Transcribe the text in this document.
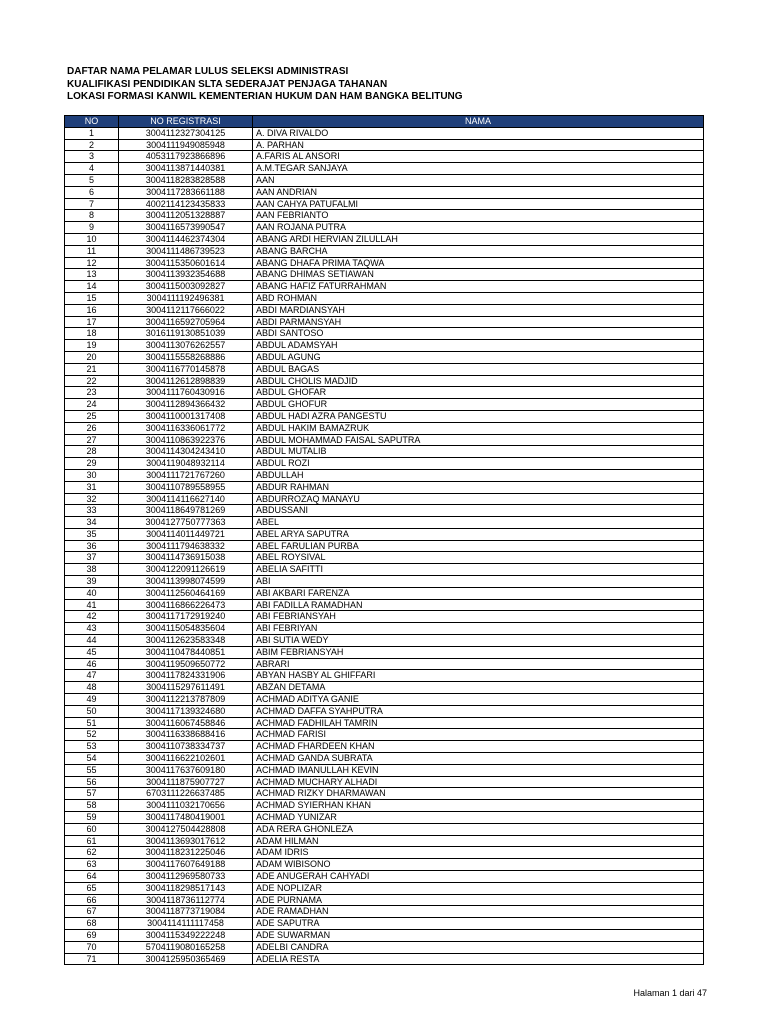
DAFTAR NAMA PELAMAR LULUS SELEKSI ADMINISTRASI
KUALIFIKASI PENDIDIKAN SLTA SEDERAJAT PENJAGA TAHANAN
LOKASI FORMASI KANWIL KEMENTERIAN HUKUM DAN HAM BANGKA BELITUNG
NO	NO REGISTRASI	NAMA
1	3004112327304125	A. DIVA RIVALDO
2	3004111949085948	A. PARHAN
3	4053117923866896	A.FARIS AL ANSORI
4	3004113871440381	A.M.TEGAR SANJAYA
5	3004118283828588	AAN
6	3004117283661188	AAN ANDRIAN
7	4002114123435833	AAN CAHYA PATUFALMI
8	3004112051328887	AAN FEBRIANTO
9	3004116573990547	AAN ROJANA PUTRA
10	3004114462374304	ABANG ARDI HERVIAN ZILULLAH
11	3004111486739523	ABANG BARCHA
12	3004115350601614	ABANG DHAFA PRIMA TAQWA
13	3004113932354688	ABANG DHIMAS SETIAWAN
14	3004115003092827	ABANG HAFIZ FATURRAHMAN
15	3004111192496381	ABD ROHMAN
16	3004112117666022	ABDI MARDIANSYAH
17	3004116592705964	ABDI PARMANSYAH
18	3016119130851039	ABDI SANTOSO
19	3004113076262557	ABDUL ADAMSYAH
20	3004115558268886	ABDUL AGUNG
21	3004116770145878	ABDUL BAGAS
22	3004112612898839	ABDUL CHOLIS MADJID
23	3004111760430916	ABDUL GHOFAR
24	3004112894366432	ABDUL GHOFUR
25	3004110001317408	ABDUL HADI AZRA PANGESTU
26	3004116336061772	ABDUL HAKIM BAMAZRUK
27	3004110863922376	ABDUL MOHAMMAD FAISAL SAPUTRA
28	3004114304243410	ABDUL MUTALIB
29	3004119048932114	ABDUL ROZI
30	3004111721767260	ABDULLAH
31	3004110789558955	ABDUR RAHMAN
32	3004114116627140	ABDURROZAQ MANAYU
33	3004118649781269	ABDUSSANI
34	3004127750777363	ABEL
35	3004114011449721	ABEL ARYA SAPUTRA
36	3004111794638332	ABEL FARULIAN PURBA
37	3004114736915038	ABEL ROYSIVAL
38	3004122091126619	ABELIA SAFITTI
39	3004113998074599	ABI
40	3004112560464169	ABI AKBARI FARENZA
41	3004116866226473	ABI FADILLA RAMADHAN
42	3004117172919240	ABI FEBRIANSYAH
43	3004115054835604	ABI FEBRIYAN
44	3004112623583348	ABI SUTIA WEDY
45	3004110478440851	ABIM FEBRIANSYAH
46	3004119509650772	ABRARI
47	3004117824331906	ABYAN HASBY AL GHIFFARI
48	3004115297611491	ABZAN DETAMA
49	3004112213787809	ACHMAD ADITYA GANIE
50	3004117139324680	ACHMAD DAFFA SYAHPUTRA
51	3004116067458846	ACHMAD FADHILAH TAMRIN
52	3004116338688416	ACHMAD FARISI
53	3004110738334737	ACHMAD FHARDEEN KHAN
54	3004116622102601	ACHMAD GANDA SUBRATA
55	3004117637609180	ACHMAD IMANULLAH KEVIN
56	3004111875907727	ACHMAD MUCHARY ALHADI
57	6703111226637485	ACHMAD RIZKY DHARMAWAN
58	3004111032170656	ACHMAD SYIERHAN KHAN
59	3004117480419001	ACHMAD YUNIZAR
60	3004127504428808	ADA RERA GHONLEZA
61	3004113693017612	ADAM HILMAN
62	3004118231225046	ADAM IDRIS
63	3004117607649188	ADAM WIBISONO
64	3004112969580733	ADE ANUGERAH CAHYADI
65	3004118298517143	ADE NOPLIZAR
66	3004118736112774	ADE PURNAMA
67	3004118773719084	ADE RAMADHAN
68	3004114111117458	ADE SAPUTRA
69	3004115349222248	ADE SUWARMAN
70	5704119080165258	ADELBI CANDRA
71	3004125950365469	ADELIA RESTA
Halaman 1 dari 47
